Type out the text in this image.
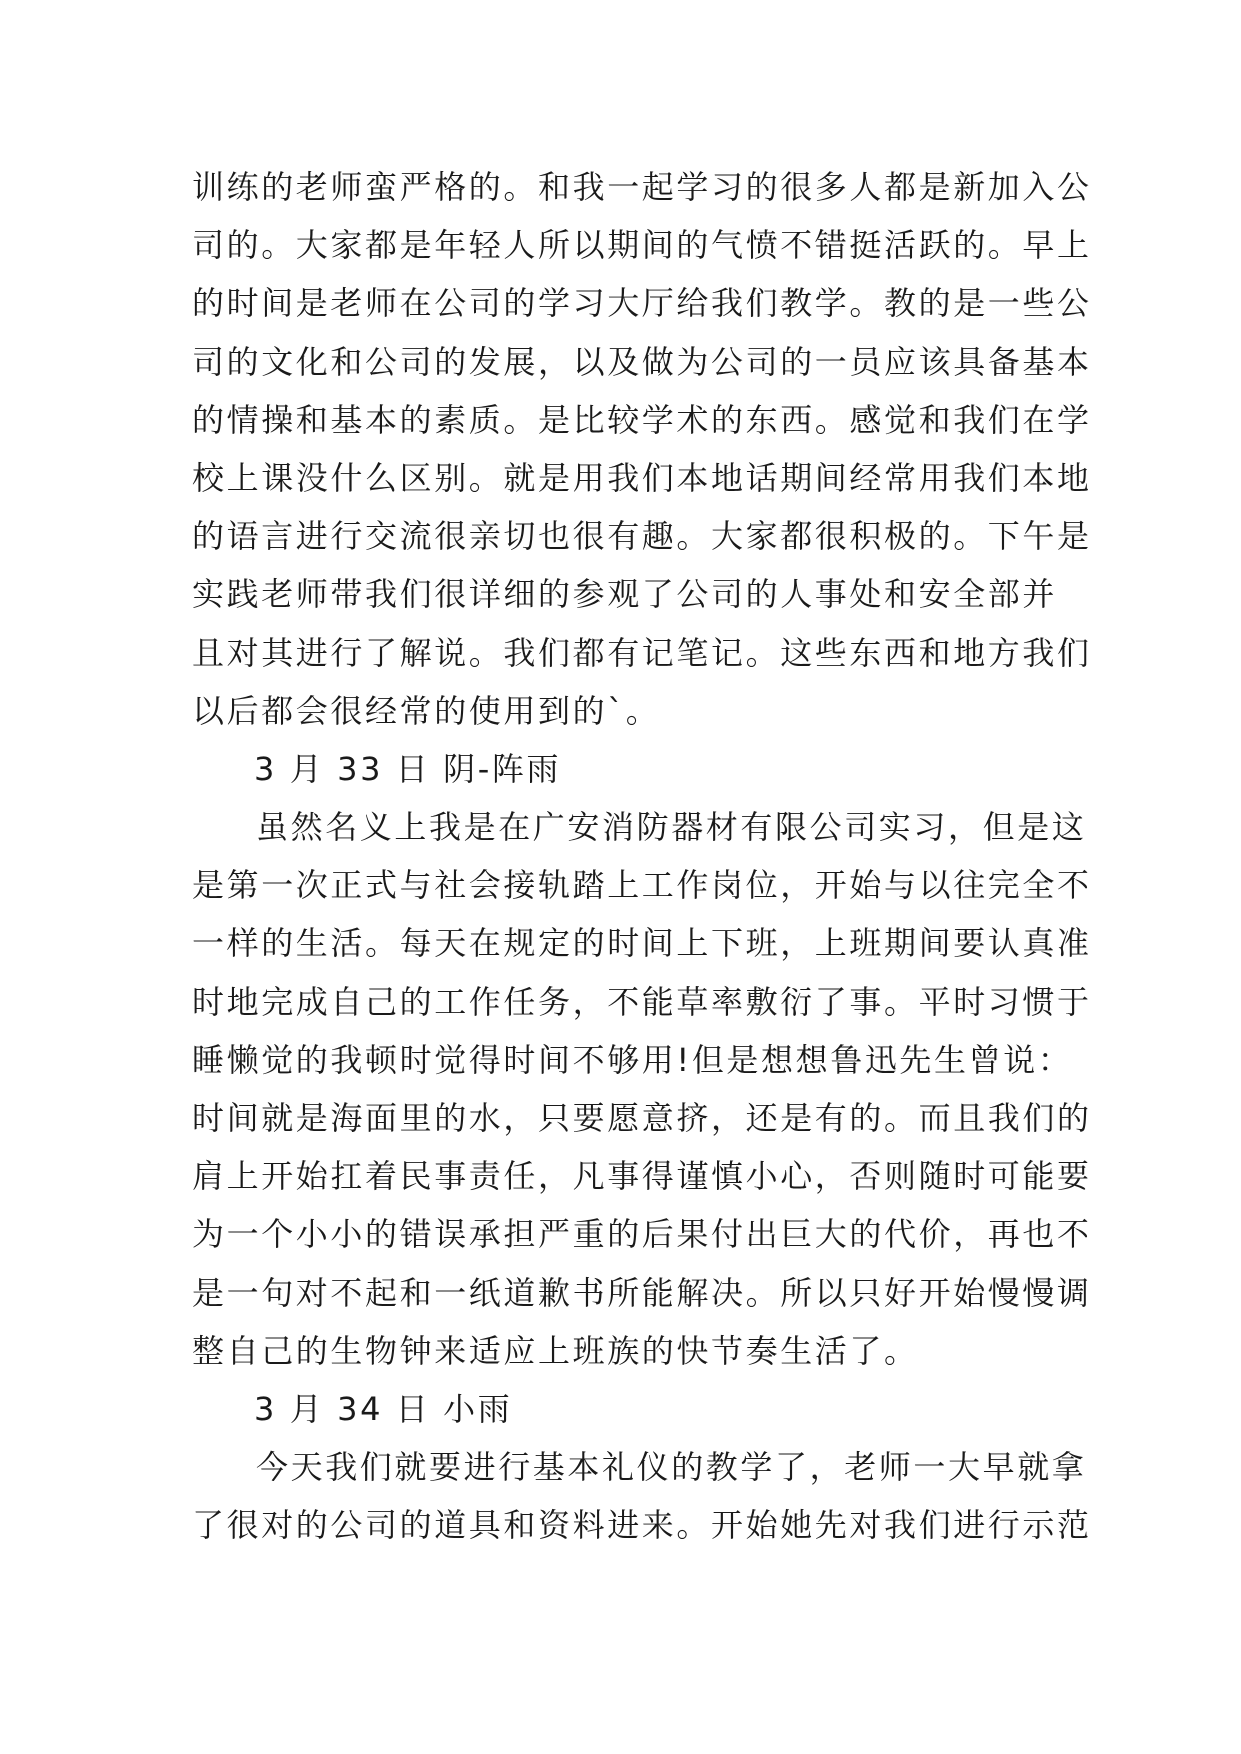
训练的老师蛮严格的。和我一起学习的很多人都是新加入公
司的。大家都是年轻人所以期间的气愤不错挺活跃的。早上
的时间是老师在公司的学习大厅给我们教学。教的是一些公
司的文化和公司的发展，以及做为公司的一员应该具备基本
的情操和基本的素质。是比较学术的东西。感觉和我们在学
校上课没什么区别。就是用我们本地话期间经常用我们本地
的语言进行交流很亲切也很有趣。大家都很积极的。下午是
实践老师带我们很详细的参观了公司的人事处和安全部并
且对其进行了解说。我们都有记笔记。这些东西和地方我们
以后都会很经常的使用到的`。
3 月 33 日 阴-阵雨
虽然名义上我是在广安消防器材有限公司实习，但是这
是第一次正式与社会接轨踏上工作岗位，开始与以往完全不
一样的生活。每天在规定的时间上下班，上班期间要认真准
时地完成自己的工作任务，不能草率敷衍了事。平时习惯于
睡懒觉的我顿时觉得时间不够用!但是想想鲁迅先生曾说：
时间就是海面里的水，只要愿意挤，还是有的。而且我们的
肩上开始扛着民事责任，凡事得谨慎小心，否则随时可能要
为一个小小的错误承担严重的后果付出巨大的代价，再也不
是一句对不起和一纸道歉书所能解决。所以只好开始慢慢调
整自己的生物钟来适应上班族的快节奏生活了。
3 月 34 日 小雨
今天我们就要进行基本礼仪的教学了，老师一大早就拿
了很对的公司的道具和资料进来。开始她先对我们进行示范
